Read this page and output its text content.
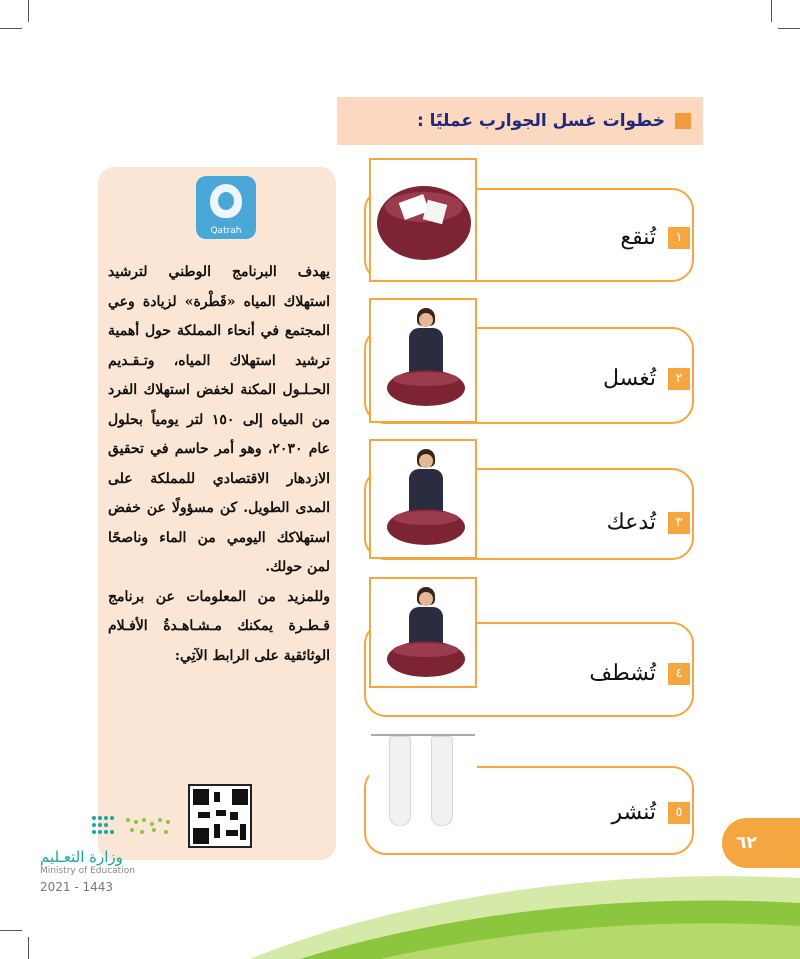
خطوات غسل الجوارب عمليًا :
Qatrah

يهدف البرنامج الوطني لترشيد استهلاك المياه «قَطْرة» لزيادة وعي المجتمع في أنحاء المملكة حول أهمية ترشيد استهلاك المياه، وتـقـديم الحـلـول المكنة لخفض استهلاك الفرد من المياه إلى ١٥٠ لتر يومياً بحلول عام ٢٠٣٠، وهو أمر حاسم في تحقيق الازدهار الاقتصادي للمملكة على المدى الطويل. كن مسؤولًا عن خفض استهلاكك اليومي من الماء وناصحًا لمن حولك.

وللمزيد من المعلومات عن برنامج قـطـرة يمكنك مـشـاهـدةُ الأفـلام الوثائقية على الرابط الآتِي:

١
تُنقع
٢
تُغسل
٣
تُدعك
٤
تُشطف
٥
تُنشر
٦٢
وزارة التعـليم
Ministry of Education
2021 - 1443
